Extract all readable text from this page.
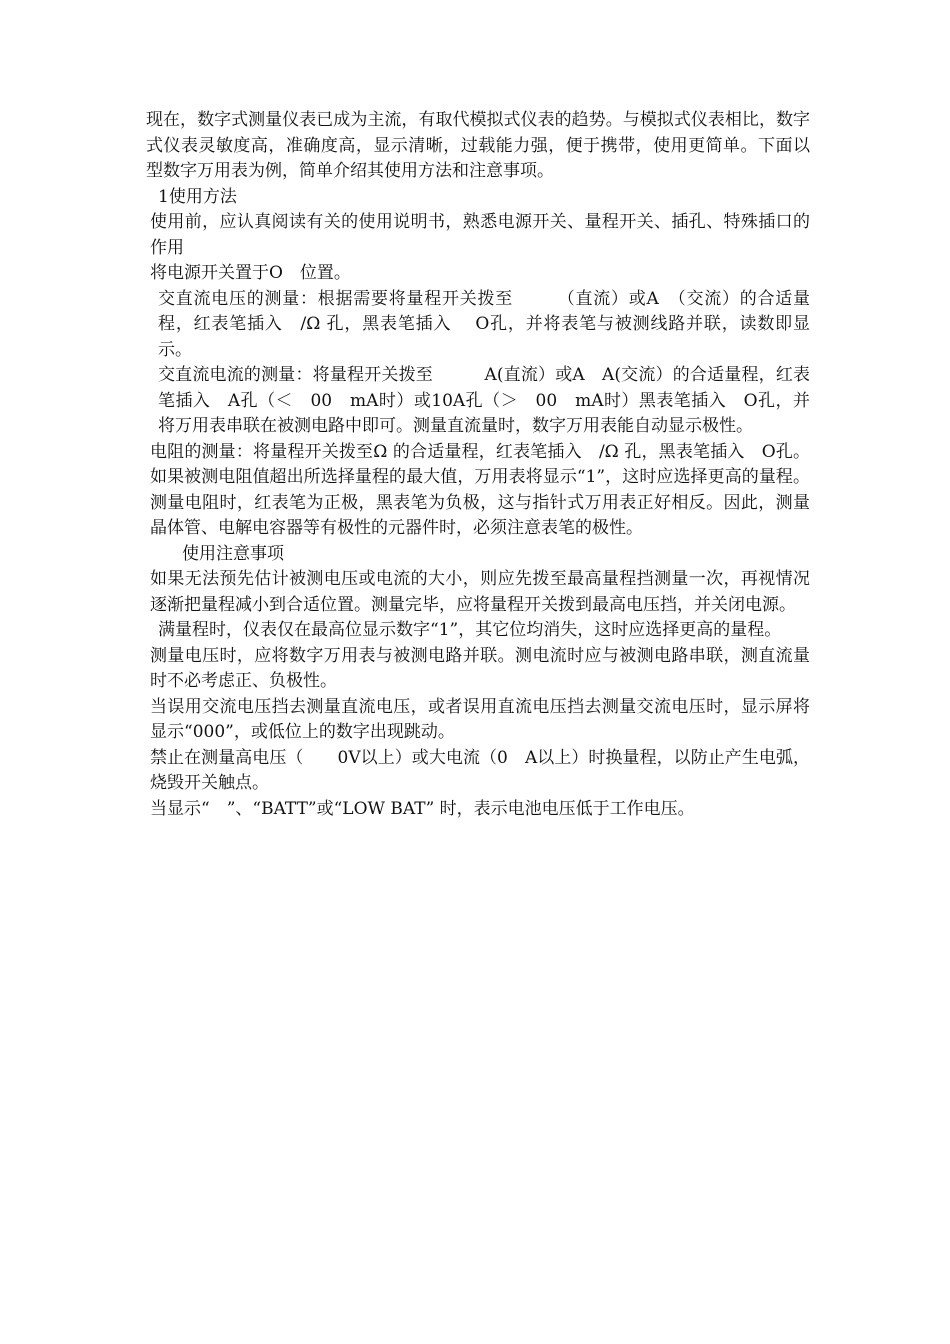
现在，数字式测量仪表已成为主流，有取代模拟式仪表的趋势。与模拟式仪表相比，数字式仪表灵敏度高，准确度高，显示清晰，过载能力强，便于携带，使用更简单。下面以　　　　　型数字万用表为例，简单介绍其使用方法和注意事项。

1使用方法

使用前，应认真阅读有关的使用说明书，熟悉电源开关、量程开关、插孔、特殊插口的作用

将电源开关置于O　位置。

交直流电压的测量：根据需要将量程开关拨至　　　（直流）或A　（交流）的合适量程，红表笔插入　/Ω 孔，黑表笔插入　 O孔，并将表笔与被测线路并联，读数即显示。

交直流电流的测量：将量程开关拨至　　　A(直流）或A　A(交流）的合适量程，红表笔插入　A孔（＜　00　mA时）或10A孔（＞　00　mA时）黑表笔插入　O孔，并将万用表串联在被测电路中即可。测量直流量时，数字万用表能自动显示极性。

电阻的测量：将量程开关拨至Ω 的合适量程，红表笔插入　/Ω 孔，黑表笔插入　O孔。如果被测电阻值超出所选择量程的最大值，万用表将显示“1”，这时应选择更高的量程。测量电阻时，红表笔为正极，黑表笔为负极，这与指针式万用表正好相反。因此，测量晶体管、电解电容器等有极性的元器件时，必须注意表笔的极性。

使用注意事项

如果无法预先估计被测电压或电流的大小，则应先拨至最高量程挡测量一次，再视情况逐渐把量程减小到合适位置。测量完毕，应将量程开关拨到最高电压挡，并关闭电源。

满量程时，仪表仅在最高位显示数字“1”，其它位均消失，这时应选择更高的量程。

测量电压时，应将数字万用表与被测电路并联。测电流时应与被测电路串联，测直流量时不必考虑正、负极性。

当误用交流电压挡去测量直流电压，或者误用直流电压挡去测量交流电压时，显示屏将显示“000”，或低位上的数字出现跳动。

禁止在测量高电压（　　0V以上）或大电流（0　A以上）时换量程，以防止产生电弧，烧毁开关触点。

当显示“　”、“BATT”或“LOW BAT” 时，表示电池电压低于工作电压。
